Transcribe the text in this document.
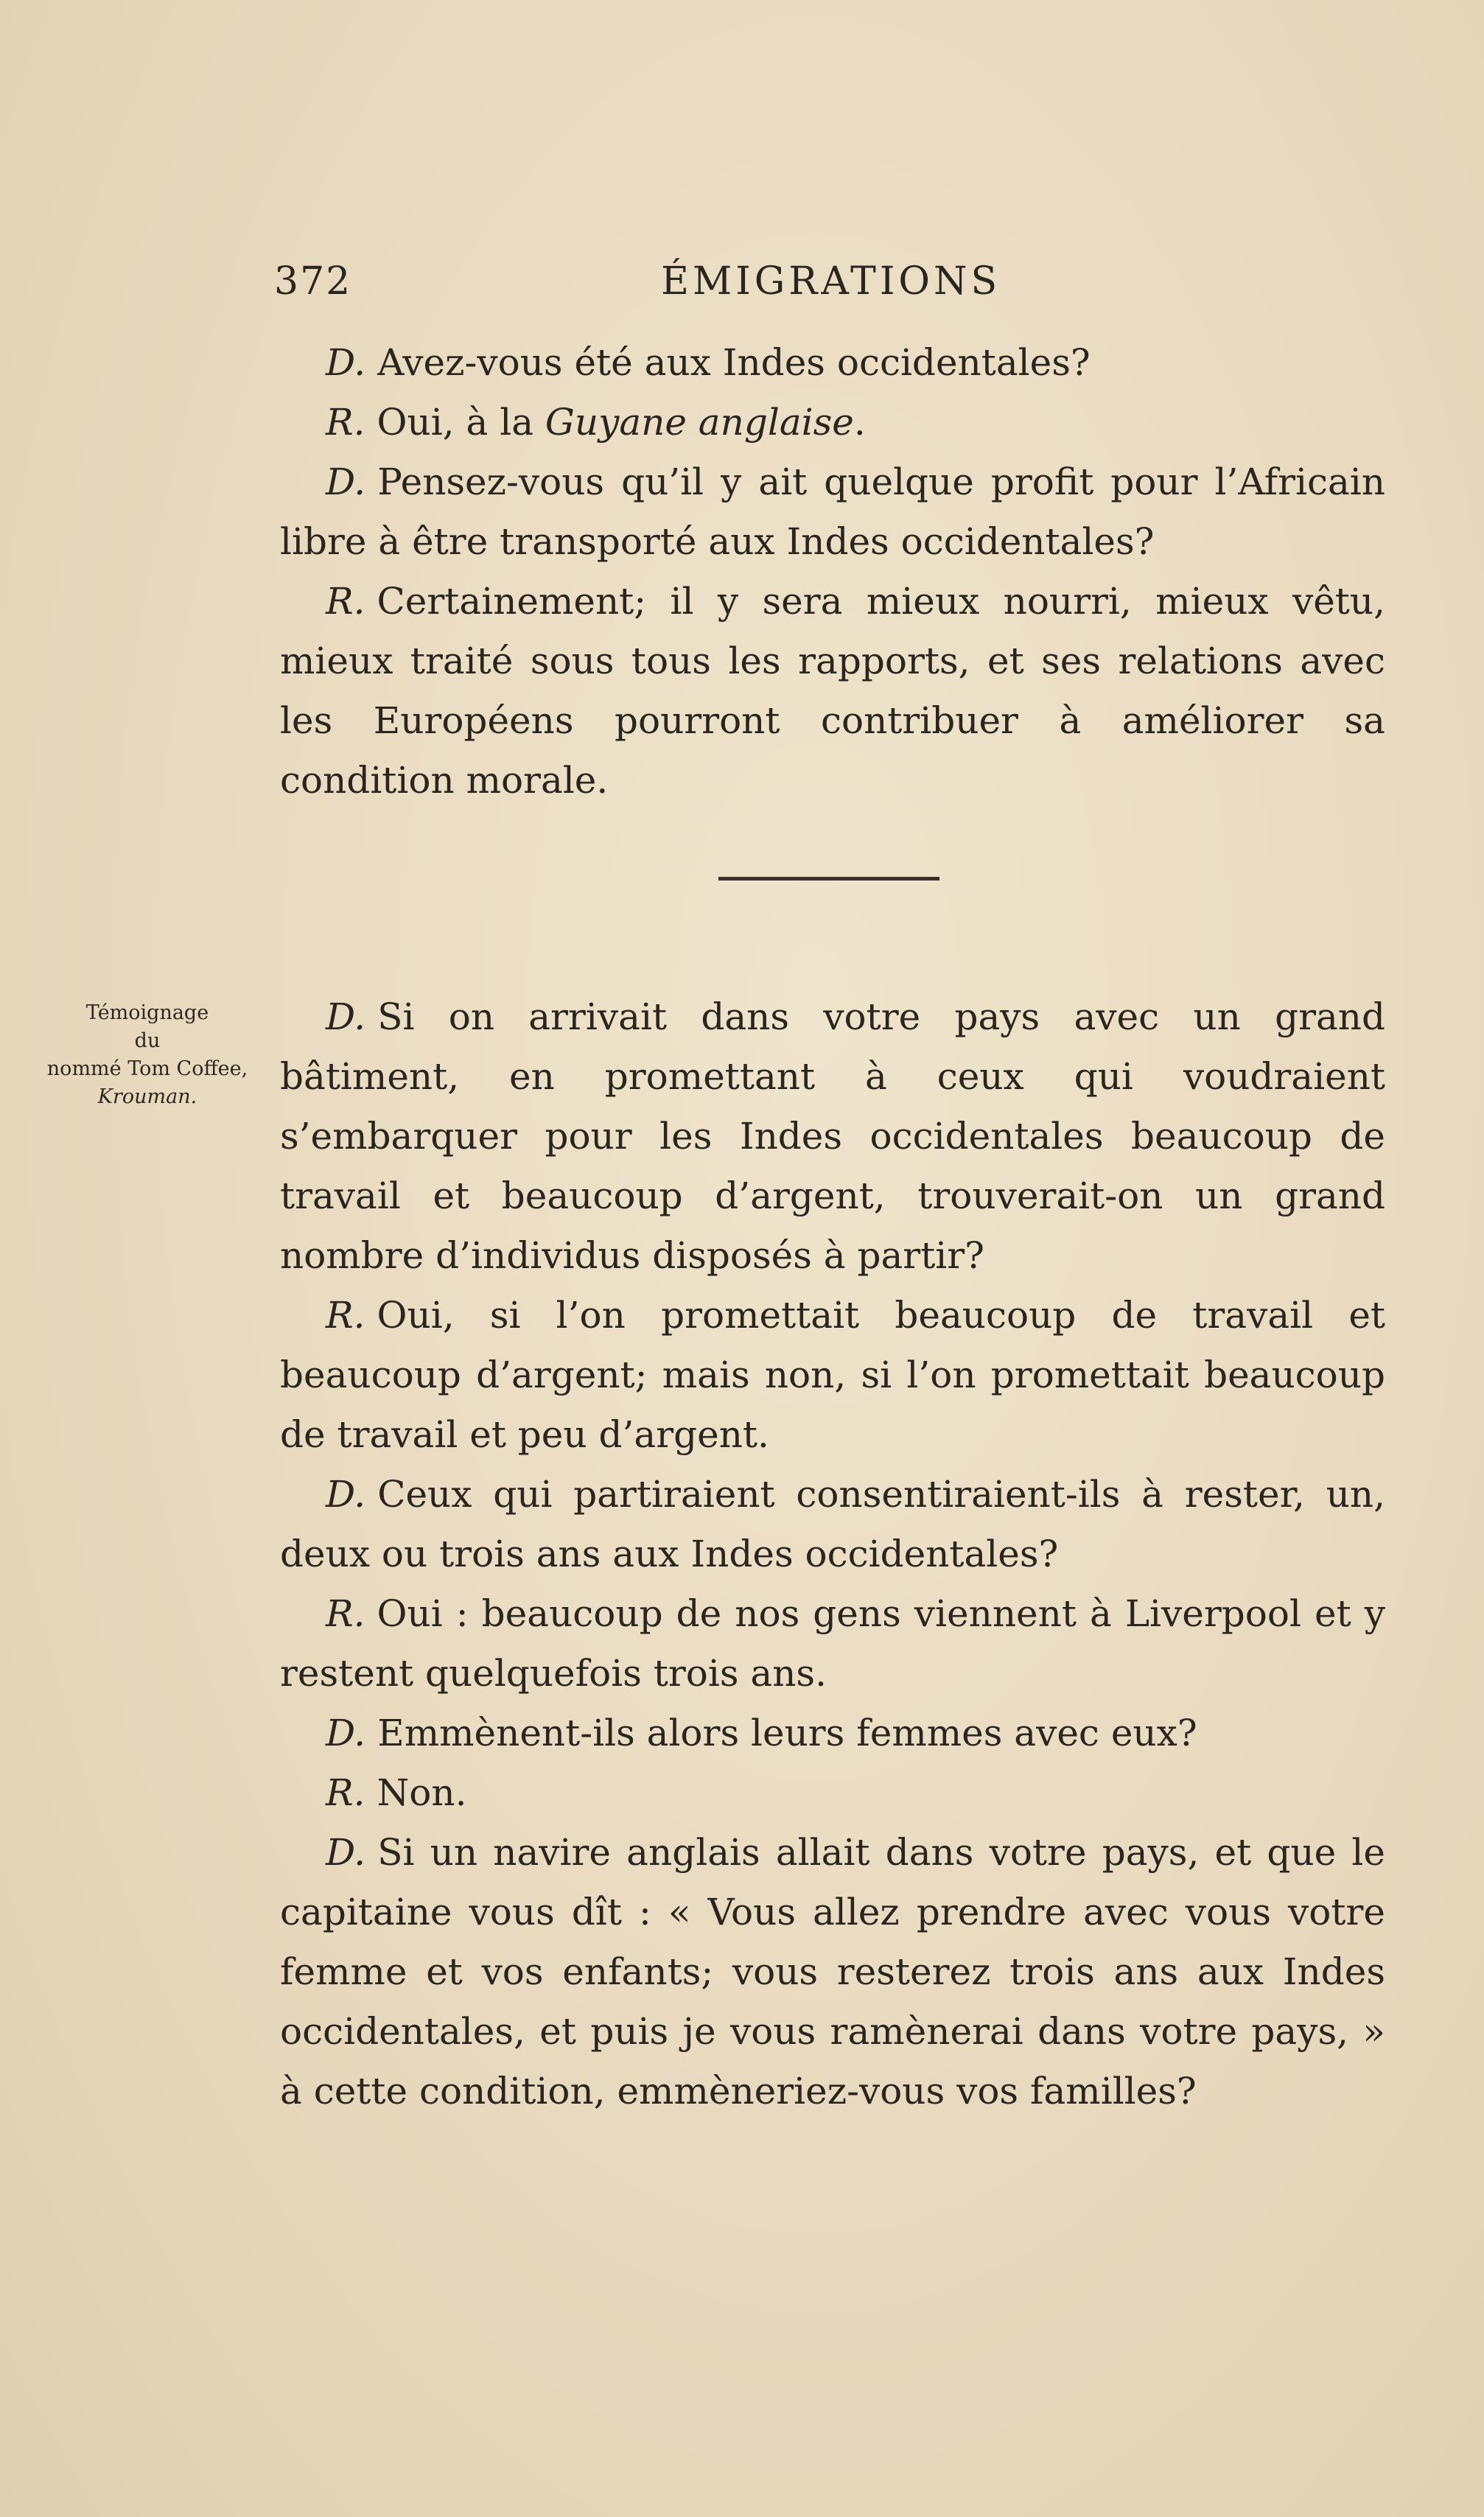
372	ÉMIGRATIONS

D. Avez-vous été aux Indes occidentales?

R. Oui, à la Guyane anglaise.

D. Pensez-vous qu’il y ait quelque profit pour l’Africain libre à être transporté aux Indes occidentales?

R. Certainement; il y sera mieux nourri, mieux vêtu, mieux traité sous tous les rapports, et ses relations avec les Européens pourront contribuer à améliorer sa condition morale.

Témoignage
du
nommé Tom Coffee,
Krouman.

D. Si on arrivait dans votre pays avec un grand bâtiment, en promettant à ceux qui voudraient s’embarquer pour les Indes occidentales beaucoup de travail et beaucoup d’argent, trouverait-on un grand nombre d’individus disposés à partir?

R. Oui, si l’on promettait beaucoup de travail et beaucoup d’argent; mais non, si l’on promettait beaucoup de travail et peu d’argent.

D. Ceux qui partiraient consentiraient-ils à rester, un, deux ou trois ans aux Indes occidentales?

R. Oui : beaucoup de nos gens viennent à Liverpool et y restent quelquefois trois ans.

D. Emmènent-ils alors leurs femmes avec eux?

R. Non.

D. Si un navire anglais allait dans votre pays, et que le capitaine vous dît : « Vous allez prendre avec vous votre femme et vos enfants; vous resterez trois ans aux Indes occidentales, et puis je vous ramènerai dans votre pays, » à cette condition, emmèneriez-vous vos familles?
